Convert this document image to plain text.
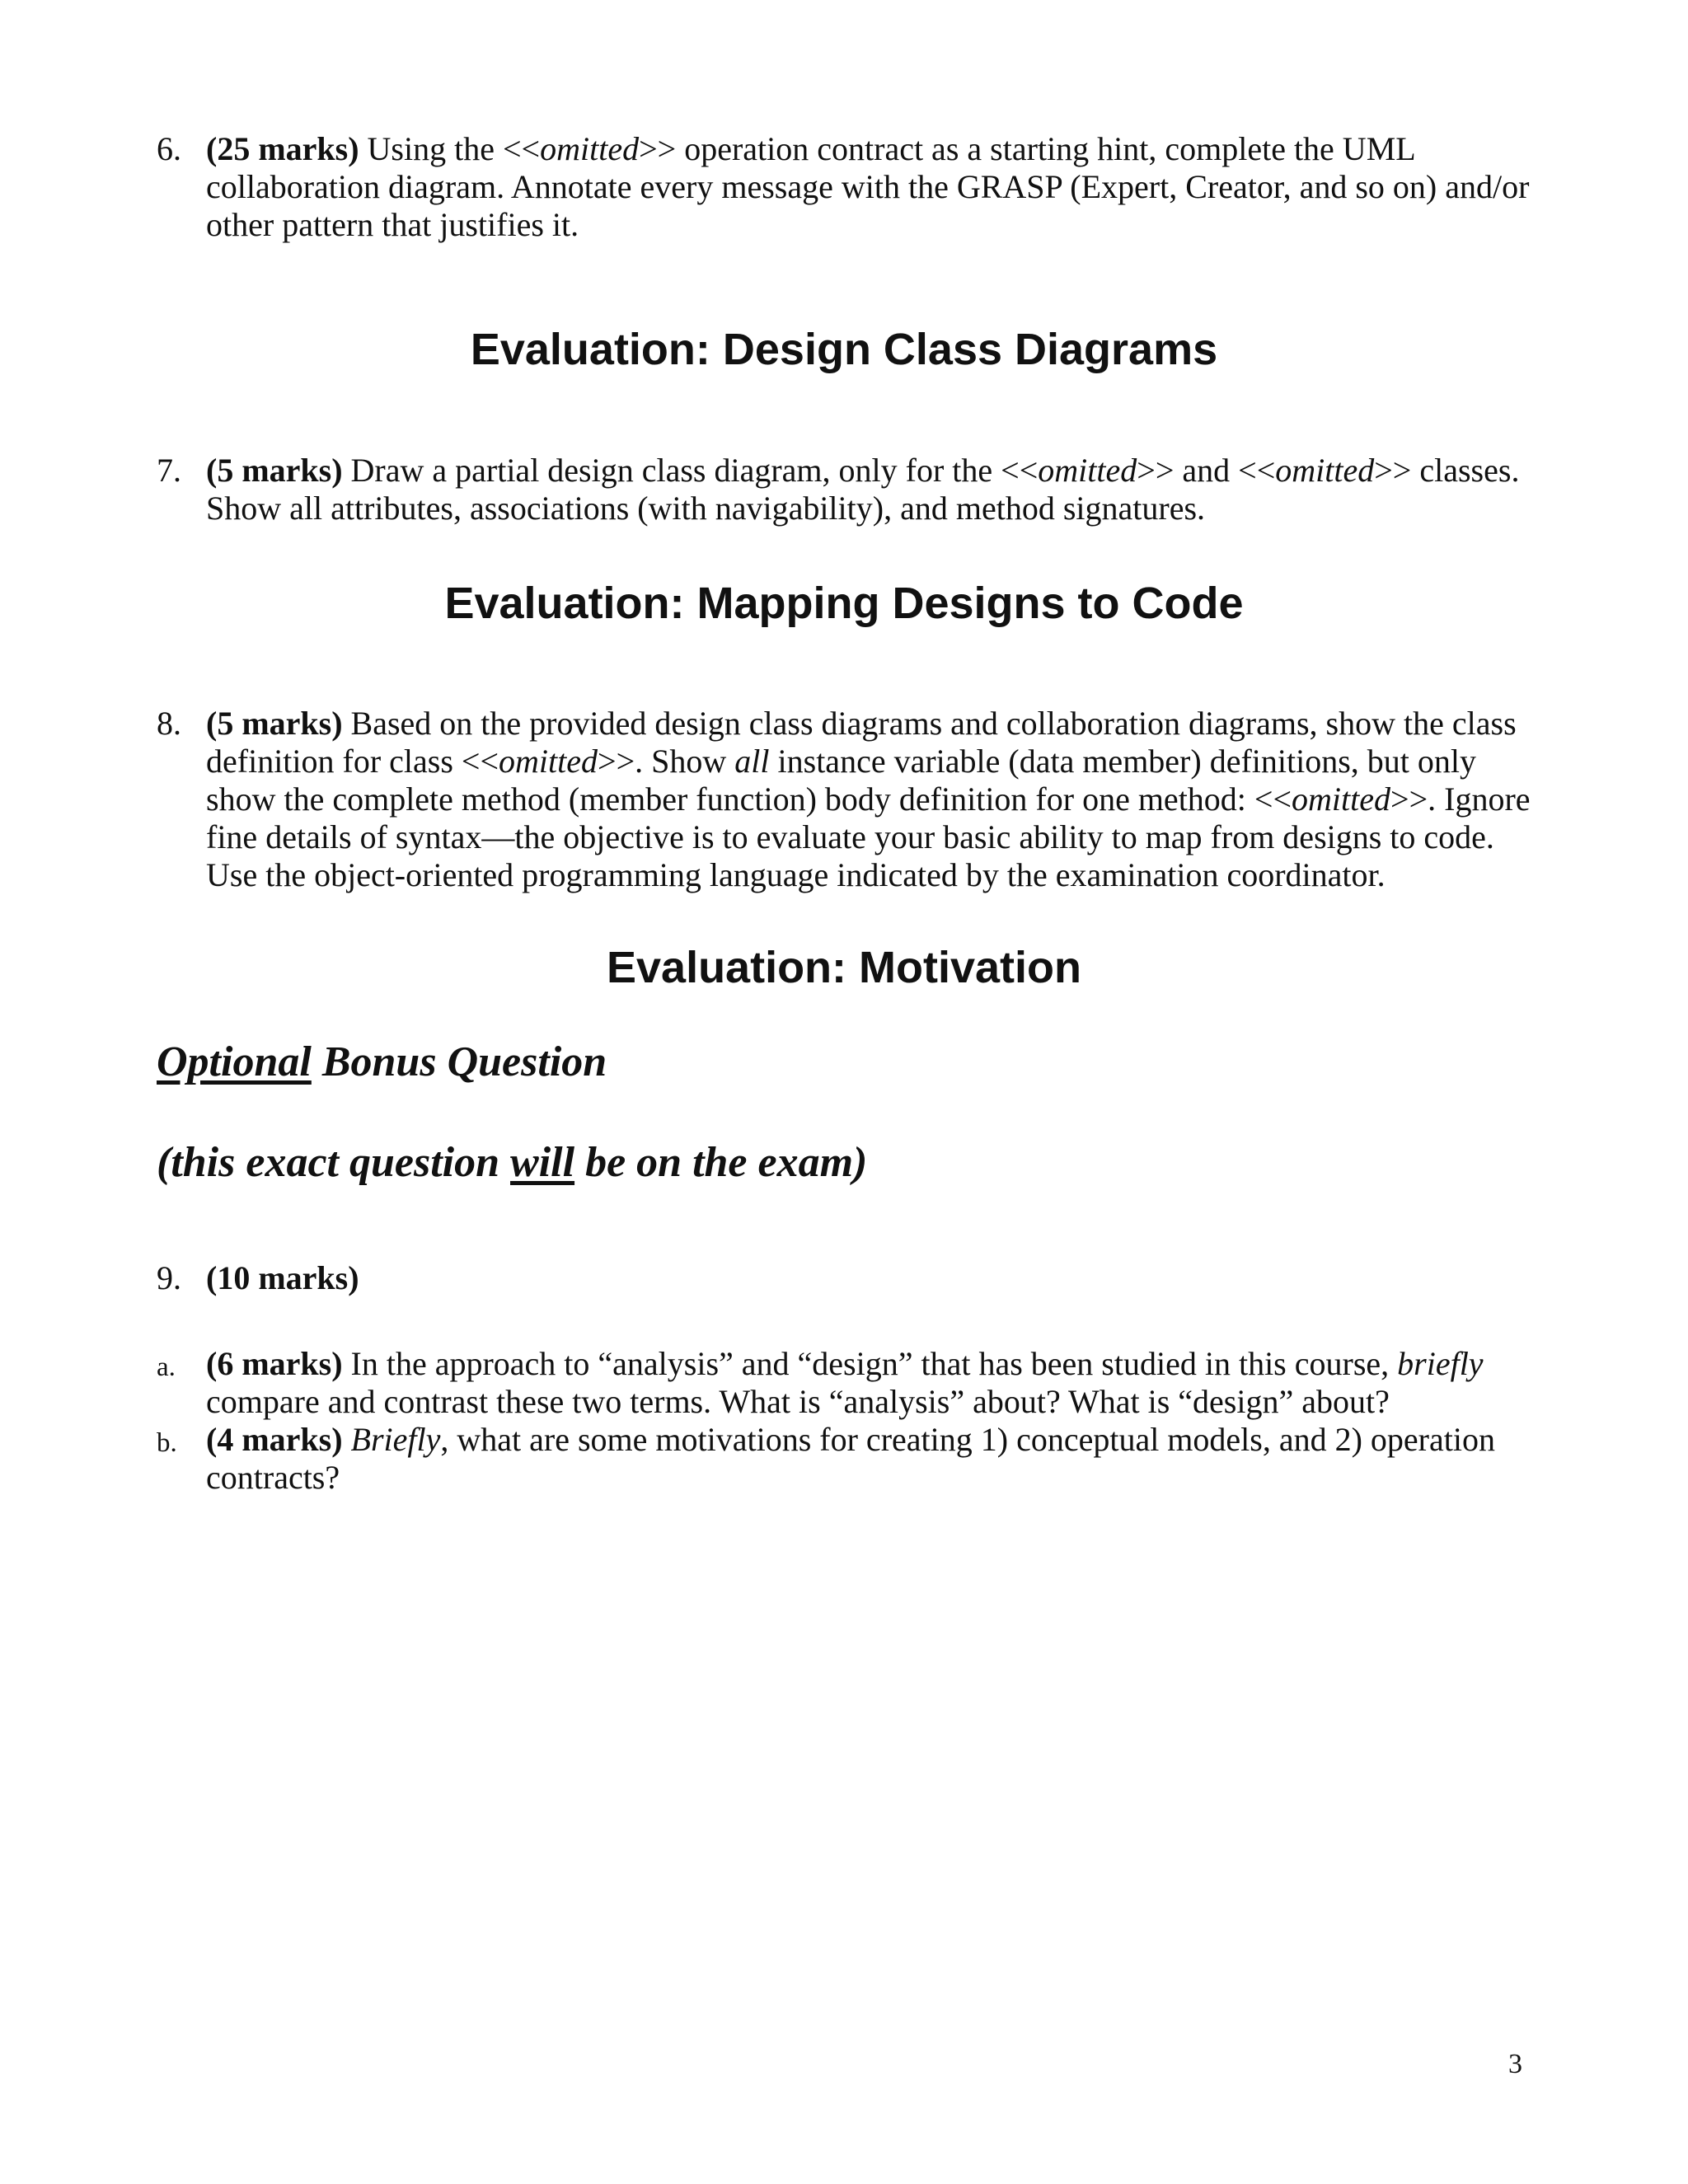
6. (25 marks) Using the <<omitted>> operation contract as a starting hint, complete the UML collaboration diagram. Annotate every message with the GRASP (Expert, Creator, and so on) and/or other pattern that justifies it.
Evaluation: Design Class Diagrams
7. (5 marks) Draw a partial design class diagram, only for the <<omitted>> and <<omitted>> classes. Show all attributes, associations (with navigability), and method signatures.
Evaluation: Mapping Designs to Code
8. (5 marks) Based on the provided design class diagrams and collaboration diagrams, show the class definition for class <<omitted>>. Show all instance variable (data member) definitions, but only show the complete method (member function) body definition for one method: <<omitted>>. Ignore fine details of syntax—the objective is to evaluate your basic ability to map from designs to code. Use the object-oriented programming language indicated by the examination coordinator.
Evaluation: Motivation
Optional Bonus Question
(this exact question will be on the exam)
9. (10 marks)
a. (6 marks) In the approach to “analysis” and “design” that has been studied in this course, briefly compare and contrast these two terms. What is “analysis” about? What is “design” about?
b. (4 marks) Briefly, what are some motivations for creating 1) conceptual models, and 2) operation contracts?
3
